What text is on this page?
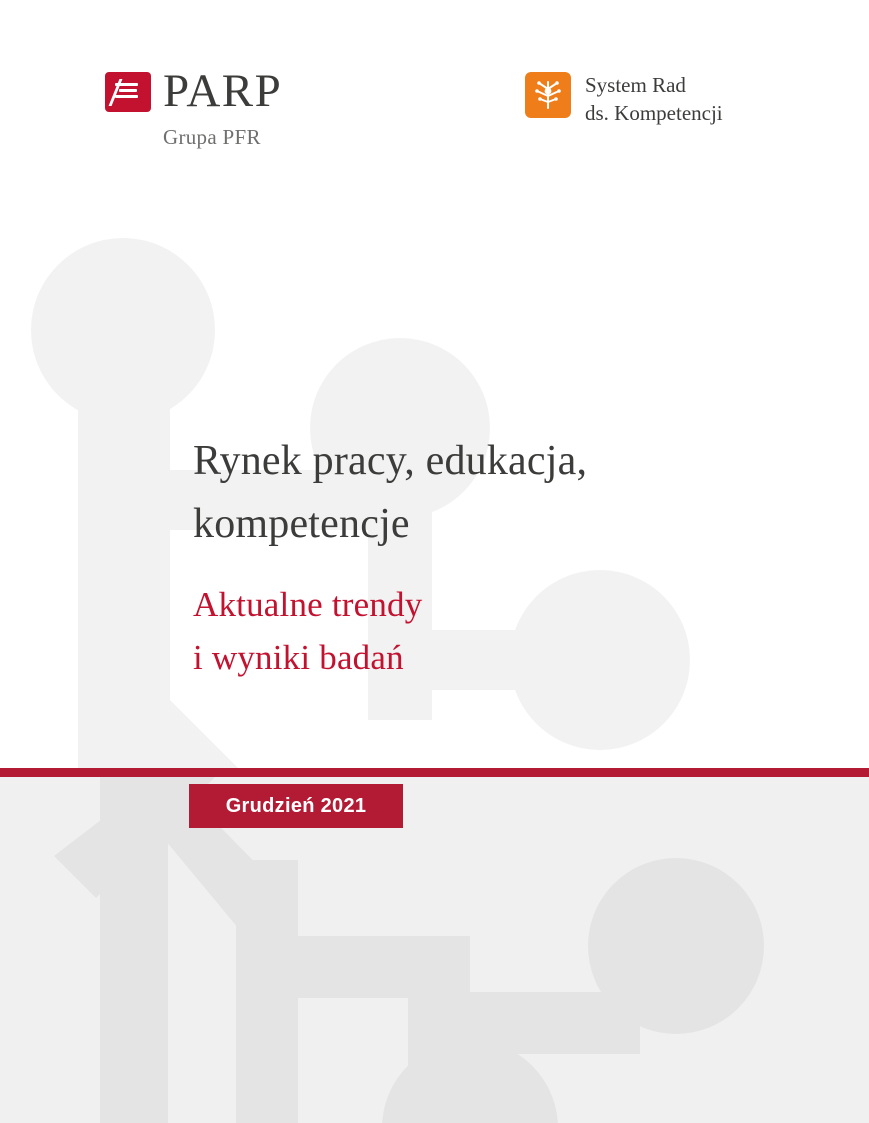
PARP
Grupa PFR
System Rad
ds. Kompetencji
Rynek pracy, edukacja,
kompetencje
Aktualne trendy
i wyniki badań
Grudzień 2021
